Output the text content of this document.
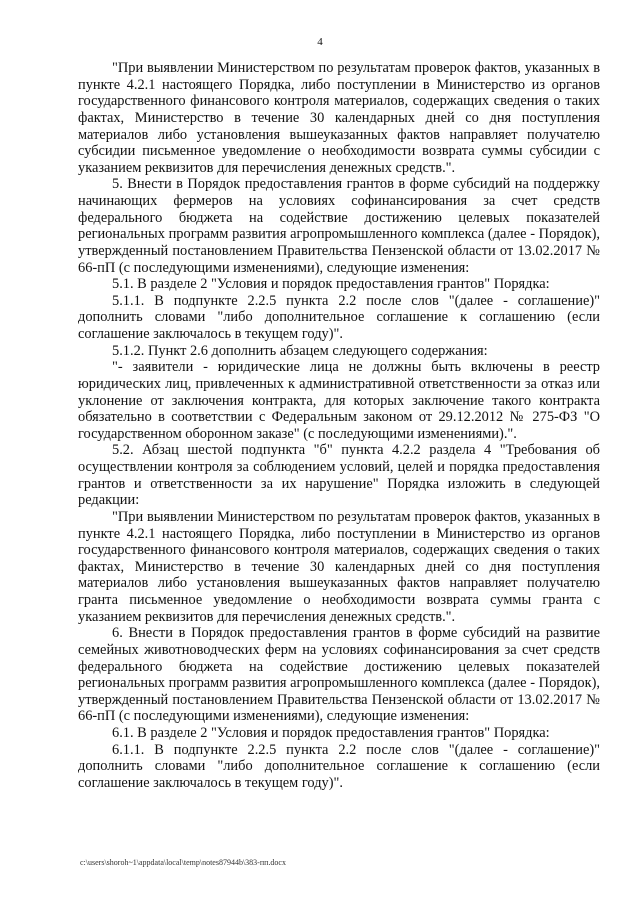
4

"При выявлении Министерством по результатам проверок фактов, указанных в пункте 4.2.1 настоящего Порядка, либо поступлении в Министерство из органов государственного финансового контроля материалов, содержащих сведения о таких фактах, Министерство в течение 30 календарных дней со дня поступления материалов либо установления вышеуказанных фактов направляет получателю субсидии письменное уведомление о необходимости возврата суммы субсидии с указанием реквизитов для перечисления денежных средств.".

5. Внести в Порядок предоставления грантов в форме субсидий на поддержку начинающих фермеров на условиях софинансирования за счет средств федерального бюджета на содействие достижению целевых показателей региональных программ развития агропромышленного комплекса (далее - Порядок), утвержденный постановлением Правительства Пензенской области от 13.02.2017 № 66-пП (с последующими изменениями), следующие изменения:

5.1. В разделе 2 "Условия и порядок предоставления грантов" Порядка:

5.1.1. В подпункте 2.2.5 пункта 2.2 после слов "(далее - соглашение)" дополнить словами "либо дополнительное соглашение к соглашению (если соглашение заключалось в текущем году)".

5.1.2. Пункт 2.6 дополнить абзацем следующего содержания:

"- заявители - юридические лица не должны быть включены в реестр юридических лиц, привлеченных к административной ответственности за отказ или уклонение от заключения контракта, для которых заключение такого контракта обязательно в соответствии с Федеральным законом от 29.12.2012 № 275-ФЗ "О государственном оборонном заказе" (с последующими изменениями).".

5.2. Абзац шестой подпункта "б" пункта 4.2.2 раздела 4 "Требования об осуществлении контроля за соблюдением условий, целей и порядка предоставления грантов и ответственности за их нарушение" Порядка изложить в следующей редакции:

"При выявлении Министерством по результатам проверок фактов, указанных в пункте 4.2.1 настоящего Порядка, либо поступлении в Министерство из органов государственного финансового контроля материалов, содержащих сведения о таких фактах, Министерство в течение 30 календарных дней со дня поступления материалов либо установления вышеуказанных фактов направляет получателю гранта письменное уведомление о необходимости возврата суммы гранта с указанием реквизитов для перечисления денежных средств.".

6. Внести в Порядок предоставления грантов в форме субсидий на развитие семейных животноводческих ферм на условиях софинансирования за счет средств федерального бюджета на содействие достижению целевых показателей региональных программ развития агропромышленного комплекса (далее - Порядок), утвержденный постановлением Правительства Пензенской области от 13.02.2017 № 66-пП (с последующими изменениями), следующие изменения:

6.1. В разделе 2 "Условия и порядок предоставления грантов" Порядка:

6.1.1. В подпункте 2.2.5 пункта 2.2 после слов "(далее - соглашение)" дополнить словами "либо дополнительное соглашение к соглашению (если соглашение заключалось в текущем году)".

c:\users\shoroh~1\appdata\local\temp\notes87944b\383-пп.docx
